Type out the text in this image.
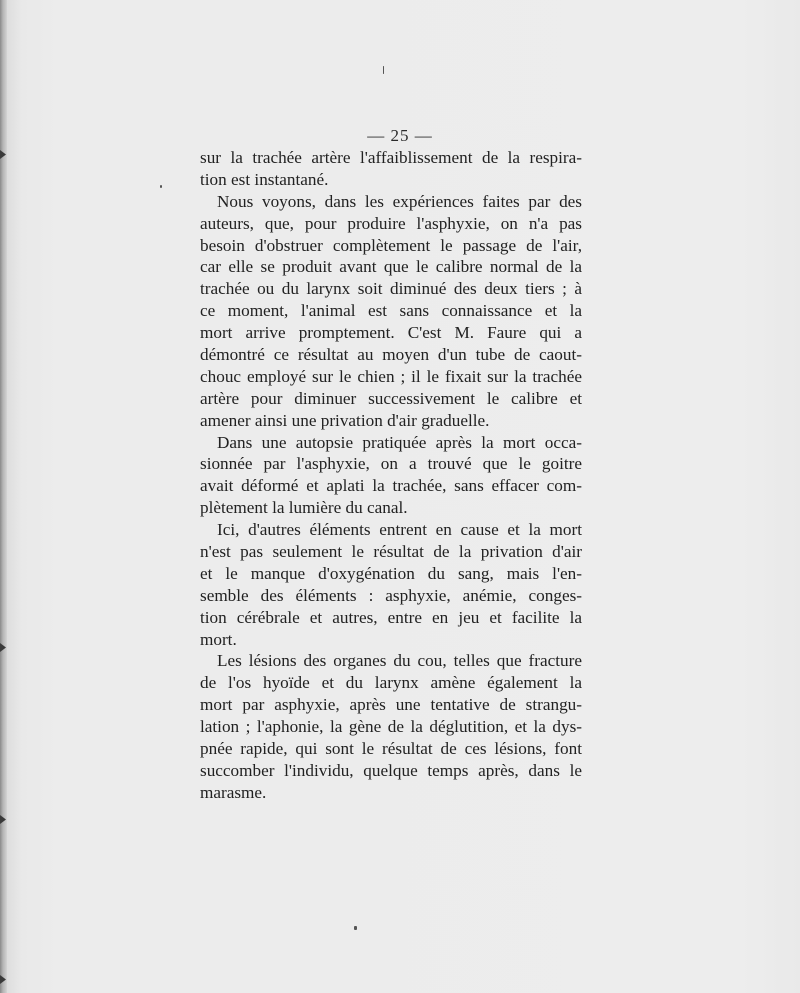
— 25 —

sur la trachée artère l'affaiblissement de la respira-

tion est instantané.

Nous voyons, dans les expériences faites par des

auteurs, que, pour produire l'asphyxie, on n'a pas

besoin d'obstruer complètement le passage de l'air,

car elle se produit avant que le calibre normal de la

trachée ou du larynx soit diminué des deux tiers ; à

ce moment, l'animal est sans connaissance et la

mort arrive promptement. C'est M. Faure qui a

démontré ce résultat au moyen d'un tube de caout-

chouc employé sur le chien ; il le fixait sur la trachée

artère pour diminuer successivement le calibre et

amener ainsi une privation d'air graduelle.

Dans une autopsie pratiquée après la mort occa-

sionnée par l'asphyxie, on a trouvé que le goitre

avait déformé et aplati la trachée, sans effacer com-

plètement la lumière du canal.

Ici, d'autres éléments entrent en cause et la mort

n'est pas seulement le résultat de la privation d'air

et le manque d'oxygénation du sang, mais l'en-

semble des éléments : asphyxie, anémie, conges-

tion cérébrale et autres, entre en jeu et facilite la

mort.

Les lésions des organes du cou, telles que fracture

de l'os hyoïde et du larynx amène également la

mort par asphyxie, après une tentative de strangu-

lation ; l'aphonie, la gène de la déglutition, et la dys-

pnée rapide, qui sont le résultat de ces lésions, font

succomber l'individu, quelque temps après, dans le

marasme.
